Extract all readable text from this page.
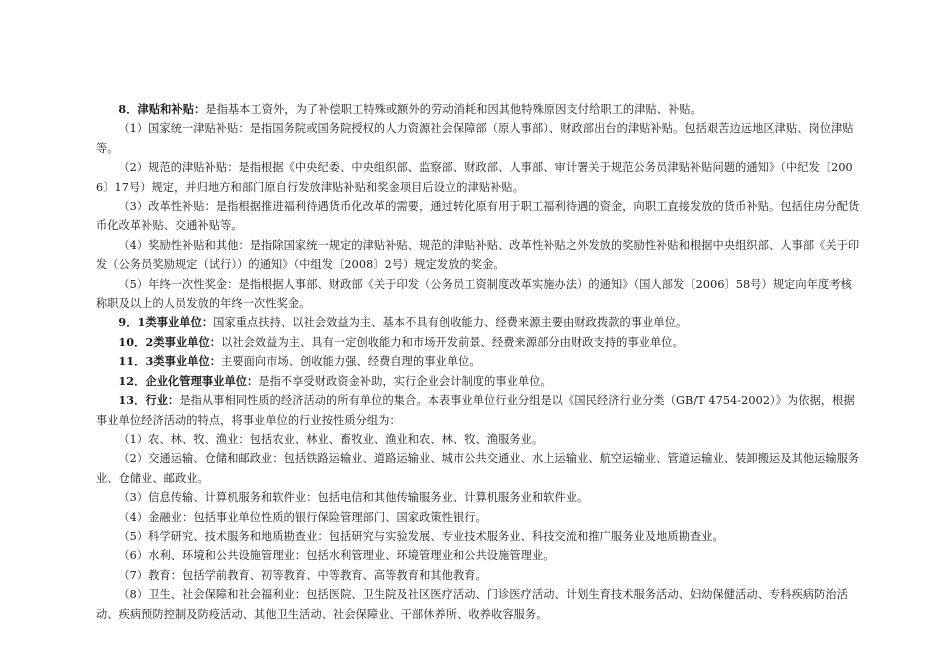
8．津贴和补贴：是指基本工资外，为了补偿职工特殊或额外的劳动消耗和因其他特殊原因支付给职工的津贴、补贴。

（1）国家统一津贴补贴：是指国务院或国务院授权的人力资源社会保障部（原人事部）、财政部出台的津贴补贴。包括艰苦边远地区津贴、岗位津贴等。

（2）规范的津贴补贴：是指根据《中央纪委、中央组织部、监察部、财政部、人事部、审计署关于规范公务员津贴补贴问题的通知》（中纪发〔2006〕17号）规定，并归地方和部门原自行发放津贴补贴和奖金项目后设立的津贴补贴。

（3）改革性补贴：是指根据推进福利待遇货币化改革的需要，通过转化原有用于职工福利待遇的资金，向职工直接发放的货币补贴。包括住房分配货币化改革补贴、交通补贴等。

（4）奖励性补贴和其他：是指除国家统一规定的津贴补贴、规范的津贴补贴、改革性补贴之外发放的奖励性补贴和根据中央组织部、人事部《关于印发（公务员奖励规定（试行））的通知》（中组发〔2008〕2号）规定发放的奖金。

（5）年终一次性奖金：是指根据人事部、财政部《关于印发（公务员工资制度改革实施办法）的通知》（国人部发〔2006〕58号）规定向年度考核称职及以上的人员发放的年终一次性奖金。

9．1类事业单位：国家重点扶持、以社会效益为主、基本不具有创收能力、经费来源主要由财政拨款的事业单位。

10．2类事业单位：以社会效益为主、具有一定创收能力和市场开发前景、经费来源部分由财政支持的事业单位。

11．3类事业单位：主要面向市场、创收能力强、经费自理的事业单位。

12．企业化管理事业单位：是指不享受财政资金补助，实行企业会计制度的事业单位。

13．行业：是指从事相同性质的经济活动的所有单位的集合。本表事业单位行业分组是以《国民经济行业分类（GB/T 4754-2002）》为依据，根据事业单位经济活动的特点，将事业单位的行业按性质分组为：

（1）农、林、牧、渔业：包括农业、林业、畜牧业、渔业和农、林、牧、渔服务业。

（2）交通运输、仓储和邮政业：包括铁路运输业、道路运输业、城市公共交通业、水上运输业、航空运输业、管道运输业、装卸搬运及其他运输服务业、仓储业、邮政业。

（3）信息传输、计算机服务和软件业：包括电信和其他传输服务业、计算机服务业和软件业。

（4）金融业：包括事业单位性质的银行保险管理部门、国家政策性银行。

（5）科学研究、技术服务和地质勘查业：包括研究与实验发展、专业技术服务业、科技交流和推广服务业及地质勘查业。

（6）水利、环境和公共设施管理业：包括水利管理业、环境管理业和公共设施管理业。

（7）教育：包括学前教育、初等教育、中等教育、高等教育和其他教育。

（8）卫生、社会保障和社会福利业：包括医院、卫生院及社区医疗活动、门诊医疗活动、计划生育技术服务活动、妇幼保健活动、专科疾病防治活动、疾病预防控制及防疫活动、其他卫生活动、社会保障业、干部休养所、收养收容服务。
